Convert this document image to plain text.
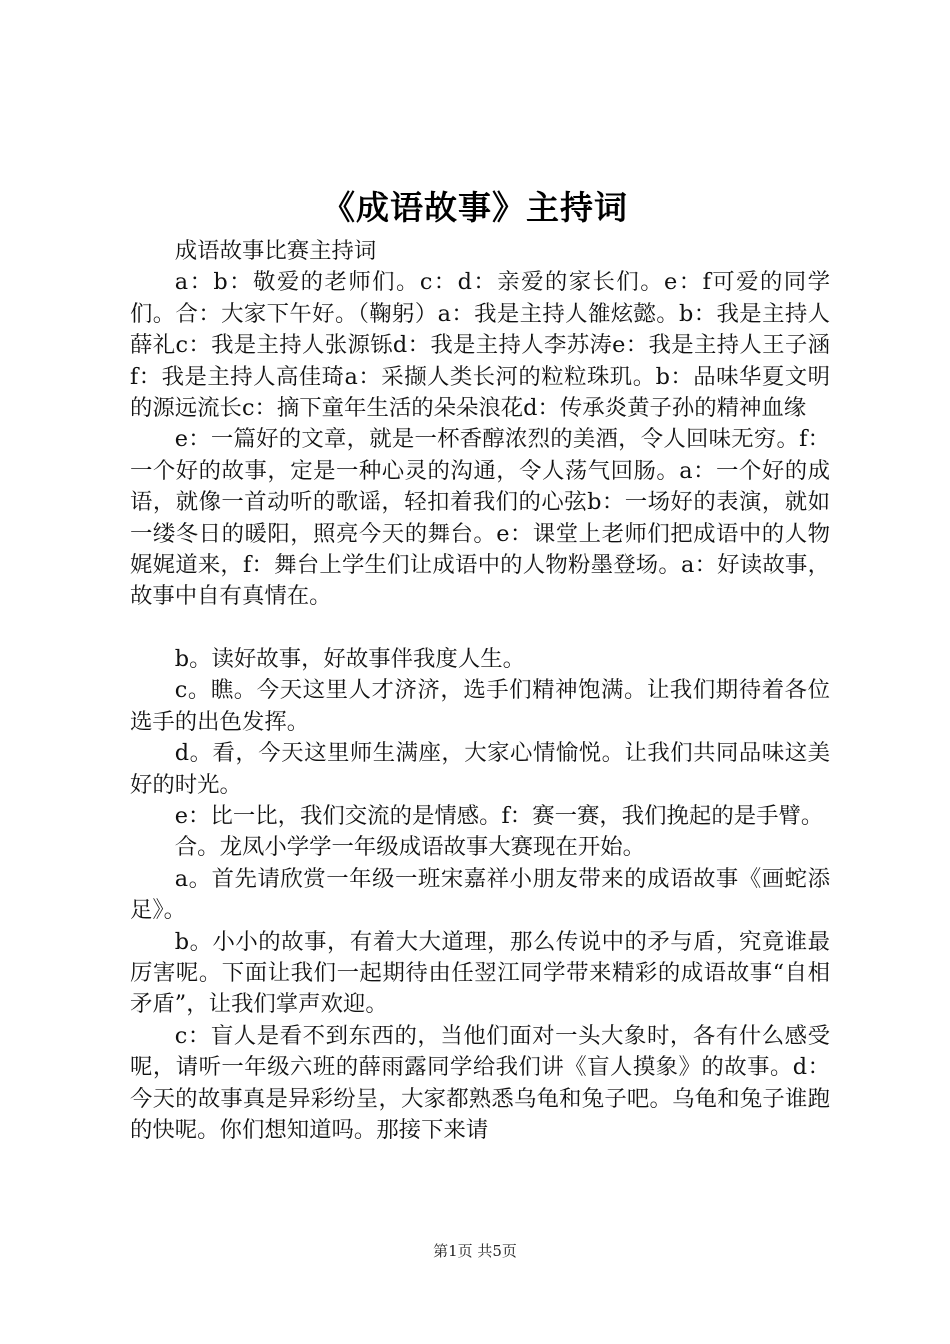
《成语故事》主持词

成语故事比赛主持词

a：b：敬爱的老师们。c：d：亲爱的家长们。e：f可爱的同学们。合：大家下午好。（鞠躬）a：我是主持人雒炫懿。b：我是主持人薛礼c：我是主持人张源铄d：我是主持人李苏涛e：我是主持人王子涵f：我是主持人高佳琦a：采撷人类长河的粒粒珠玑。b：品味华夏文明的源远流长c：摘下童年生活的朵朵浪花d：传承炎黄子孙的精神血缘

e：一篇好的文章，就是一杯香醇浓烈的美酒，令人回味无穷。f：一个好的故事，定是一种心灵的沟通，令人荡气回肠。a：一个好的成语，就像一首动听的歌谣，轻扣着我们的心弦b：一场好的表演，就如一缕冬日的暖阳，照亮今天的舞台。e：课堂上老师们把成语中的人物娓娓道来，f：舞台上学生们让成语中的人物粉墨登场。a：好读故事，故事中自有真情在。

b。读好故事，好故事伴我度人生。

c。瞧。今天这里人才济济，选手们精神饱满。让我们期待着各位选手的出色发挥。

d。看，今天这里师生满座，大家心情愉悦。让我们共同品味这美好的时光。

e：比一比，我们交流的是情感。f：赛一赛，我们挽起的是手臂。

合。龙凤小学学一年级成语故事大赛现在开始。

a。首先请欣赏一年级一班宋嘉祥小朋友带来的成语故事《画蛇添足》。

b。小小的故事，有着大大道理，那么传说中的矛与盾，究竟谁最厉害呢。下面让我们一起期待由任翌江同学带来精彩的成语故事“自相矛盾”，让我们掌声欢迎。

c：盲人是看不到东西的，当他们面对一头大象时，各有什么感受呢，请听一年级六班的薛雨露同学给我们讲《盲人摸象》的故事。d：今天的故事真是异彩纷呈，大家都熟悉乌龟和兔子吧。乌龟和兔子谁跑的快呢。你们想知道吗。那接下来请

第1页 共5页
